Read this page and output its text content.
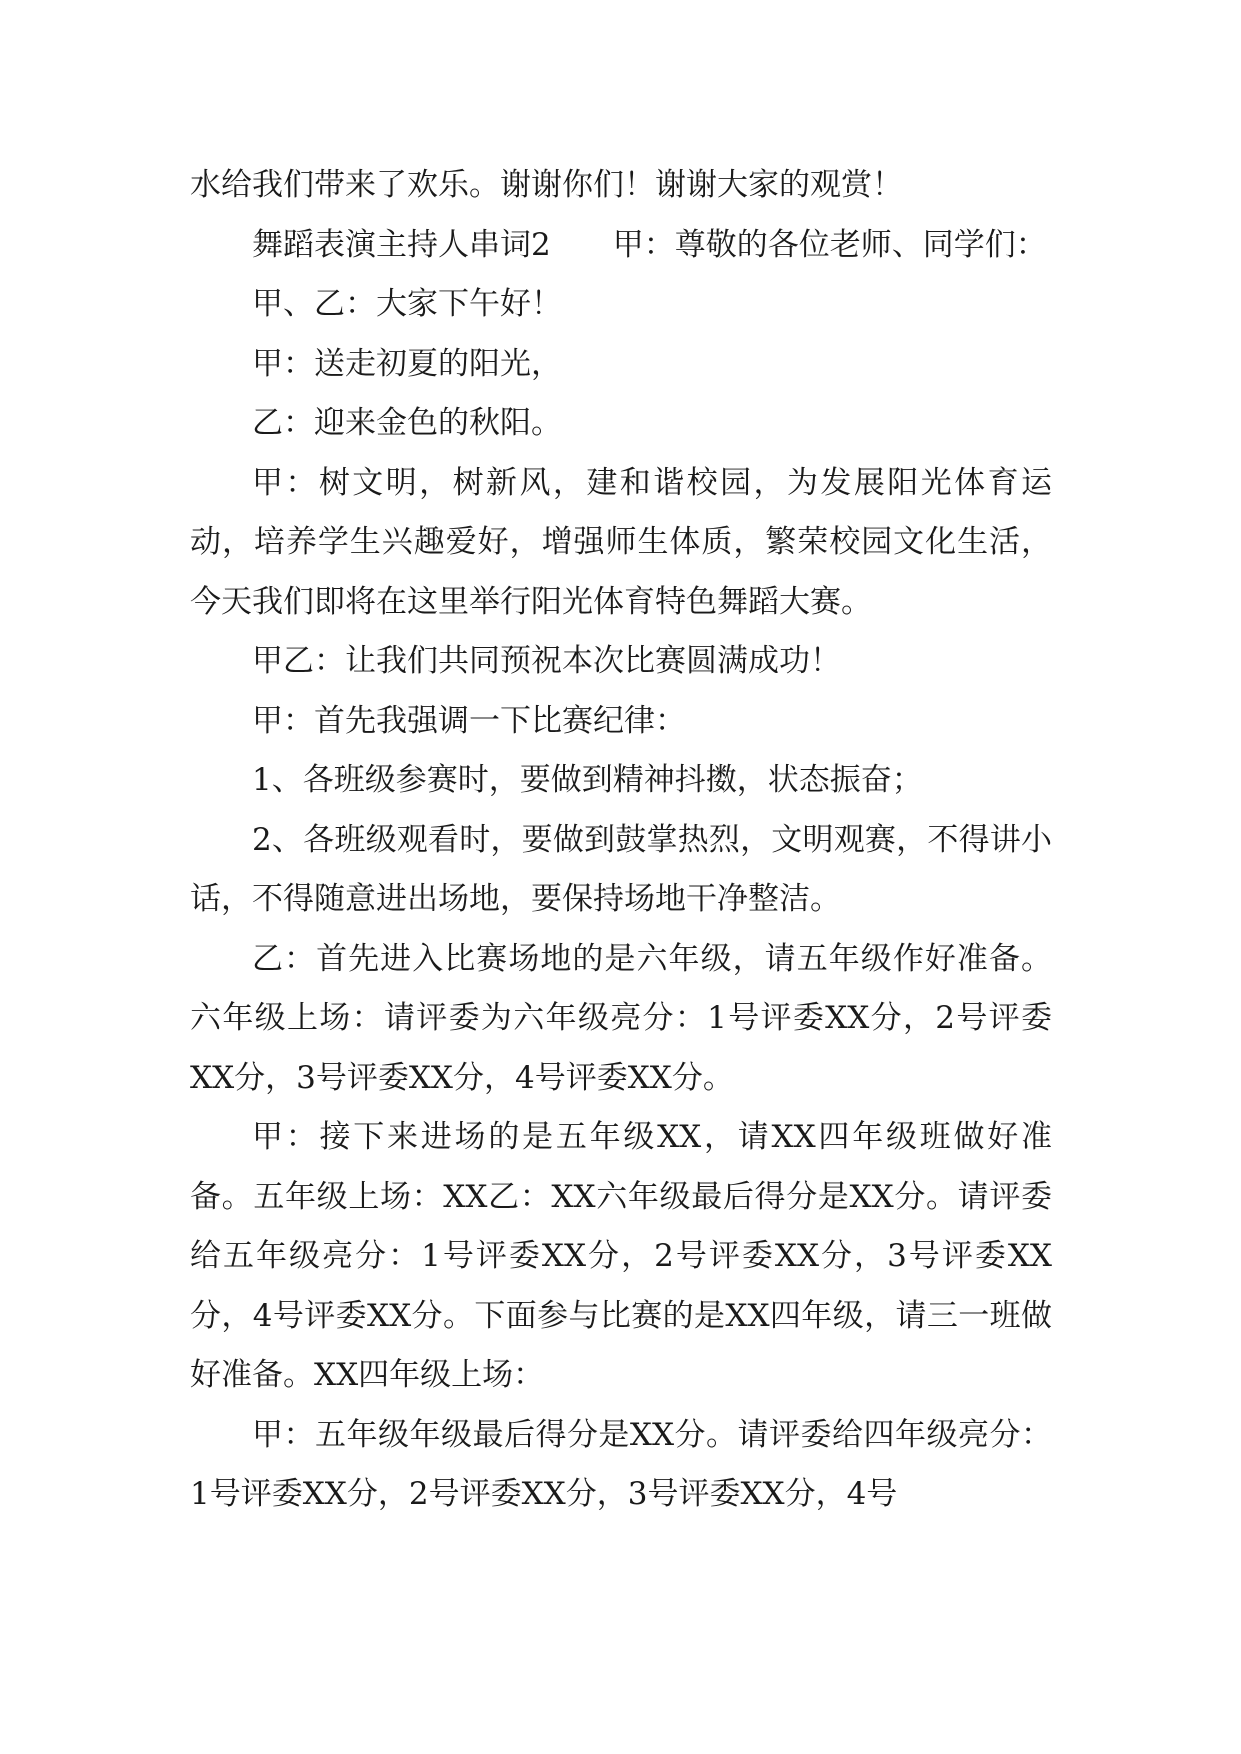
水给我们带来了欢乐。谢谢你们！谢谢大家的观赏！

舞蹈表演主持人串词2　　甲：尊敬的各位老师、同学们：

甲、乙：大家下午好！

甲：送走初夏的阳光，

乙：迎来金色的秋阳。

甲：树文明，树新风，建和谐校园，为发展阳光体育运动，培养学生兴趣爱好，增强师生体质，繁荣校园文化生活，今天我们即将在这里举行阳光体育特色舞蹈大赛。

甲乙：让我们共同预祝本次比赛圆满成功！

甲：首先我强调一下比赛纪律：

1、各班级参赛时，要做到精神抖擞，状态振奋；

2、各班级观看时，要做到鼓掌热烈，文明观赛，不得讲小话，不得随意进出场地，要保持场地干净整洁。

乙：首先进入比赛场地的是六年级，请五年级作好准备。六年级上场：请评委为六年级亮分：1号评委XX分，2号评委XX分，3号评委XX分，4号评委XX分。

甲：接下来进场的是五年级XX，请XX四年级班做好准备。五年级上场：XX乙：XX六年级最后得分是XX分。请评委给五年级亮分：1号评委XX分，2号评委XX分，3号评委XX分，4号评委XX分。下面参与比赛的是XX四年级，请三一班做好准备。XX四年级上场：

甲：五年级年级最后得分是XX分。请评委给四年级亮分：1号评委XX分，2号评委XX分，3号评委XX分，4号
